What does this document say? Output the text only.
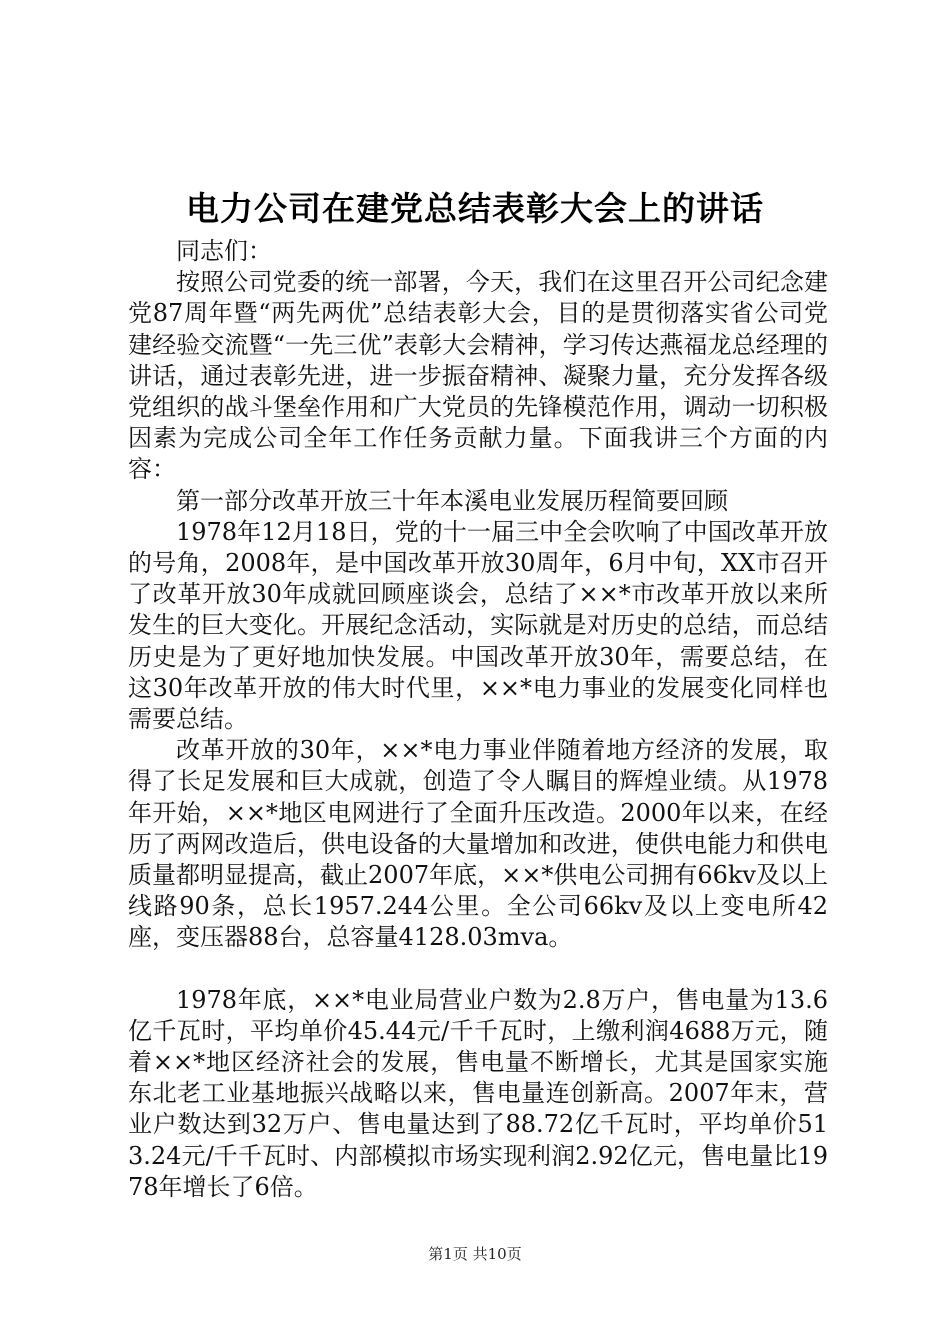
电力公司在建党总结表彰大会上的讲话

同志们：

按照公司党委的统一部署，今天，我们在这里召开公司纪念建党87周年暨“两先两优”总结表彰大会，目的是贯彻落实省公司党建经验交流暨“一先三优”表彰大会精神，学习传达燕福龙总经理的讲话，通过表彰先进，进一步振奋精神、凝聚力量，充分发挥各级党组织的战斗堡垒作用和广大党员的先锋模范作用，调动一切积极因素为完成公司全年工作任务贡献力量。下面我讲三个方面的内容：

第一部分改革开放三十年本溪电业发展历程简要回顾

1978年12月18日，党的十一届三中全会吹响了中国改革开放的号角，2008年，是中国改革开放30周年，6月中旬，XX市召开了改革开放30年成就回顾座谈会，总结了××*市改革开放以来所发生的巨大变化。开展纪念活动，实际就是对历史的总结，而总结历史是为了更好地加快发展。中国改革开放30年，需要总结，在这30年改革开放的伟大时代里，××*电力事业的发展变化同样也需要总结。

改革开放的30年，××*电力事业伴随着地方经济的发展，取得了长足发展和巨大成就，创造了令人瞩目的辉煌业绩。从1978年开始，××*地区电网进行了全面升压改造。2000年以来，在经历了两网改造后，供电设备的大量增加和改进，使供电能力和供电质量都明显提高，截止2007年底，××*供电公司拥有66kv及以上线路90条，总长1957.244公里。全公司66kv及以上变电所42座，变压器88台，总容量4128.03mva。

1978年底，××*电业局营业户数为2.8万户，售电量为13.6亿千瓦时，平均单价45.44元/千千瓦时，上缴利润4688万元，随着××*地区经济社会的发展，售电量不断增长，尤其是国家实施东北老工业基地振兴战略以来，售电量连创新高。2007年末，营业户数达到32万户、售电量达到了88.72亿千瓦时，平均单价513.24元/千千瓦时、内部模拟市场实现利润2.92亿元，售电量比1978年增长了6倍。

第1页 共10页
